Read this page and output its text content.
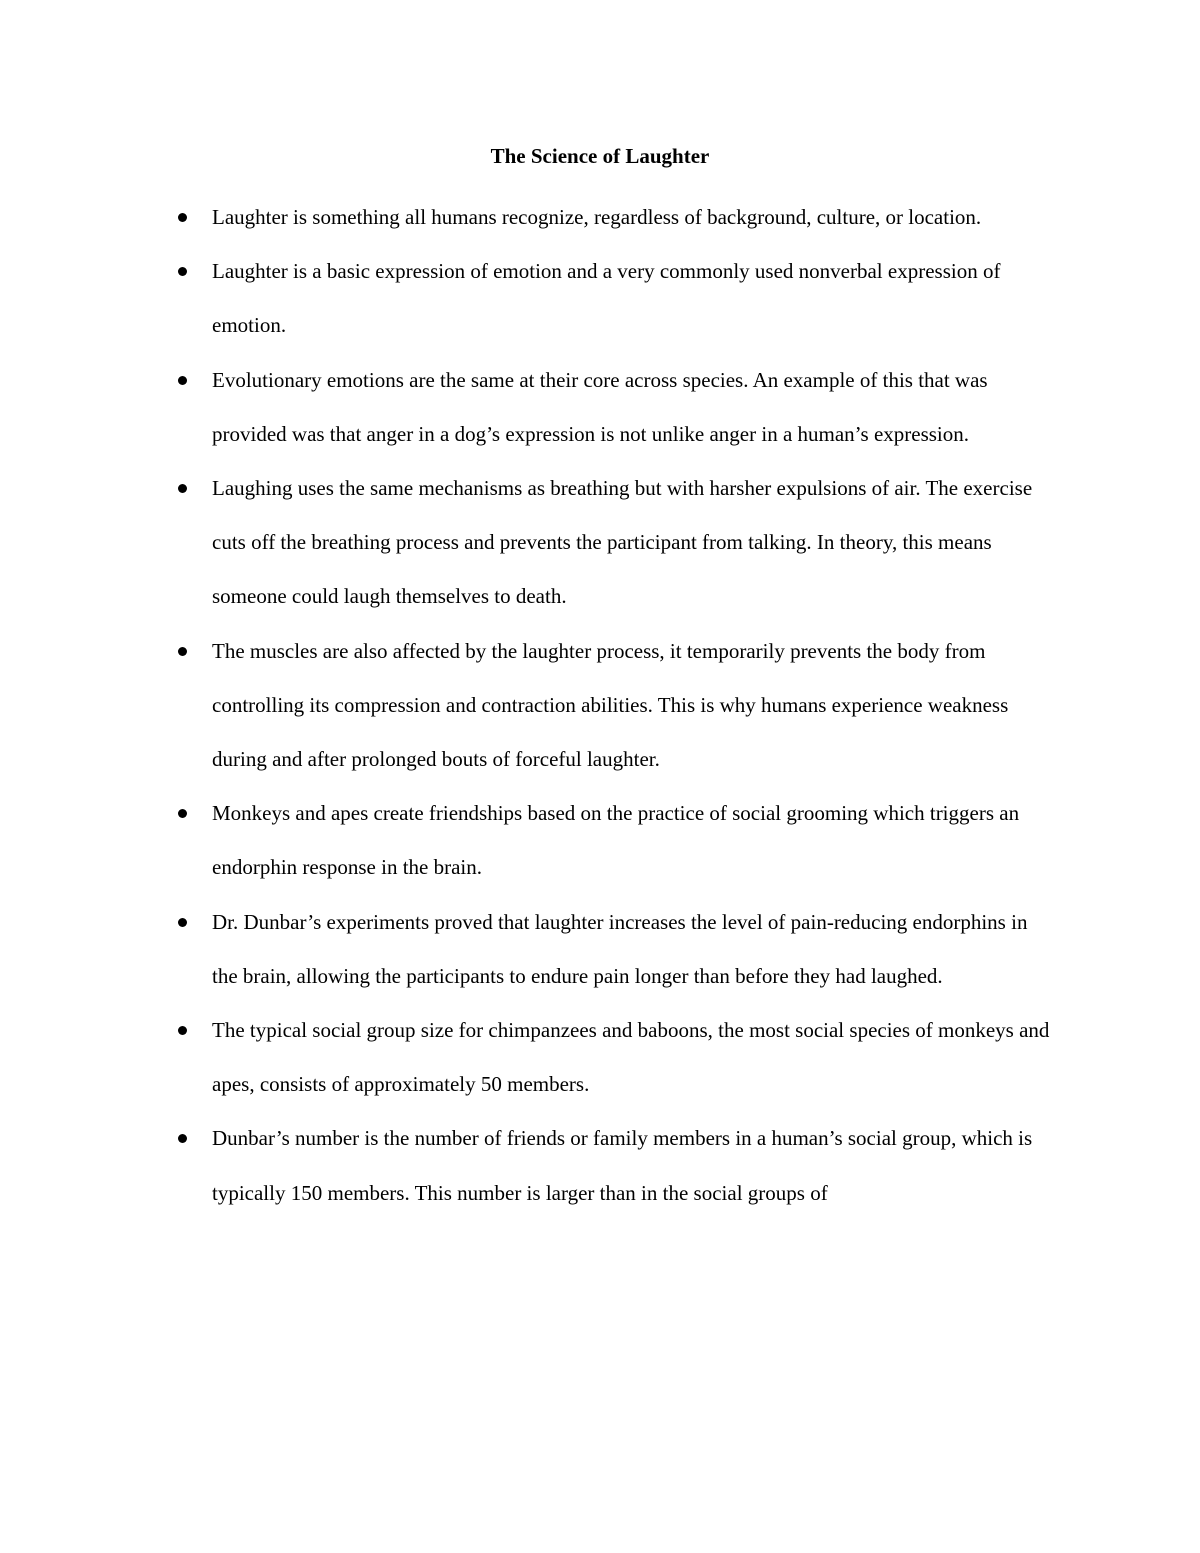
The Science of Laughter
Laughter is something all humans recognize, regardless of background, culture, or location.
Laughter is a basic expression of emotion and a very commonly used nonverbal expression of emotion.
Evolutionary emotions are the same at their core across species. An example of this that was provided was that anger in a dog’s expression is not unlike anger in a human’s expression.
Laughing uses the same mechanisms as breathing but with harsher expulsions of air. The exercise cuts off the breathing process and prevents the participant from talking. In theory, this means someone could laugh themselves to death.
The muscles are also affected by the laughter process, it temporarily prevents the body from controlling its compression and contraction abilities. This is why humans experience weakness during and after prolonged bouts of forceful laughter.
Monkeys and apes create friendships based on the practice of social grooming which triggers an endorphin response in the brain.
Dr. Dunbar’s experiments proved that laughter increases the level of pain-reducing endorphins in the brain, allowing the participants to endure pain longer than before they had laughed.
The typical social group size for chimpanzees and baboons, the most social species of monkeys and apes, consists of approximately 50 members.
Dunbar’s number is the number of friends or family members in a human’s social group, which is typically 150 members. This number is larger than in the social groups of
